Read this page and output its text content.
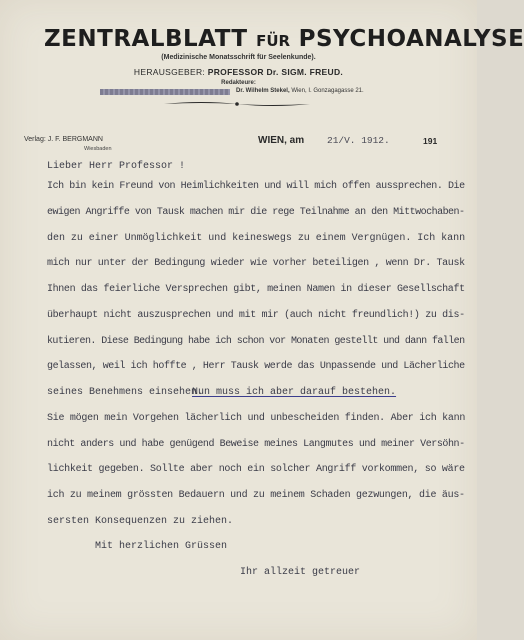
ZENTRALBLATT FÜR PSYCHOANALYSE
(Medizinische Monatsschrift für Seelenkunde).
HERAUSGEBER: PROFESSOR Dr. SIGM. FREUD.
Redakteure:
Dr. Wilhelm Stekel, Wien, I. Gonzagagasse 21.
Verlag: J. F. BERGMANN
Wiesbaden
WIEN, am 21/V. 1912.	191
Lieber Herr Professor !
Ich bin kein Freund von Heimlichkeiten und will mich offen aussprechen. Die
ewigen Angriffe von Tausk machen mir die rege Teilnahme an den Mittwochaben-
den zu einer Unmöglichkeit und keineswegs zu einem Vergnügen. Ich kann
mich nur unter der Bedingung wieder wie vorher beteiligen , wenn Dr. Tausk
Ihnen das feierliche Versprechen gibt, meinen Namen in dieser Gesellschaft
überhaupt nicht auszusprechen und mit mir (auch nicht freundlich!) zu dis-
kutieren. Diese Bedingung habe ich schon vor Monaten gestellt und dann fallen
gelassen, weil ich hoffte , Herr Tausk werde das Unpassende und Lächerliche
seines Benehmens einsehen.
Nun muss ich aber darauf bestehen.
Sie mögen mein Vorgehen lächerlich und unbescheiden finden. Aber ich kann
nicht anders und habe genügend Beweise meines Langmutes und meiner Versöhn-
lichkeit gegeben. Sollte aber noch ein solcher Angriff vorkommen, so wäre
ich zu meinem grössten Bedauern und zu meinem Schaden gezwungen, die äus-
sersten Konsequenzen zu ziehen.
Mit herzlichen Grüssen
Ihr allzeit getreuer
